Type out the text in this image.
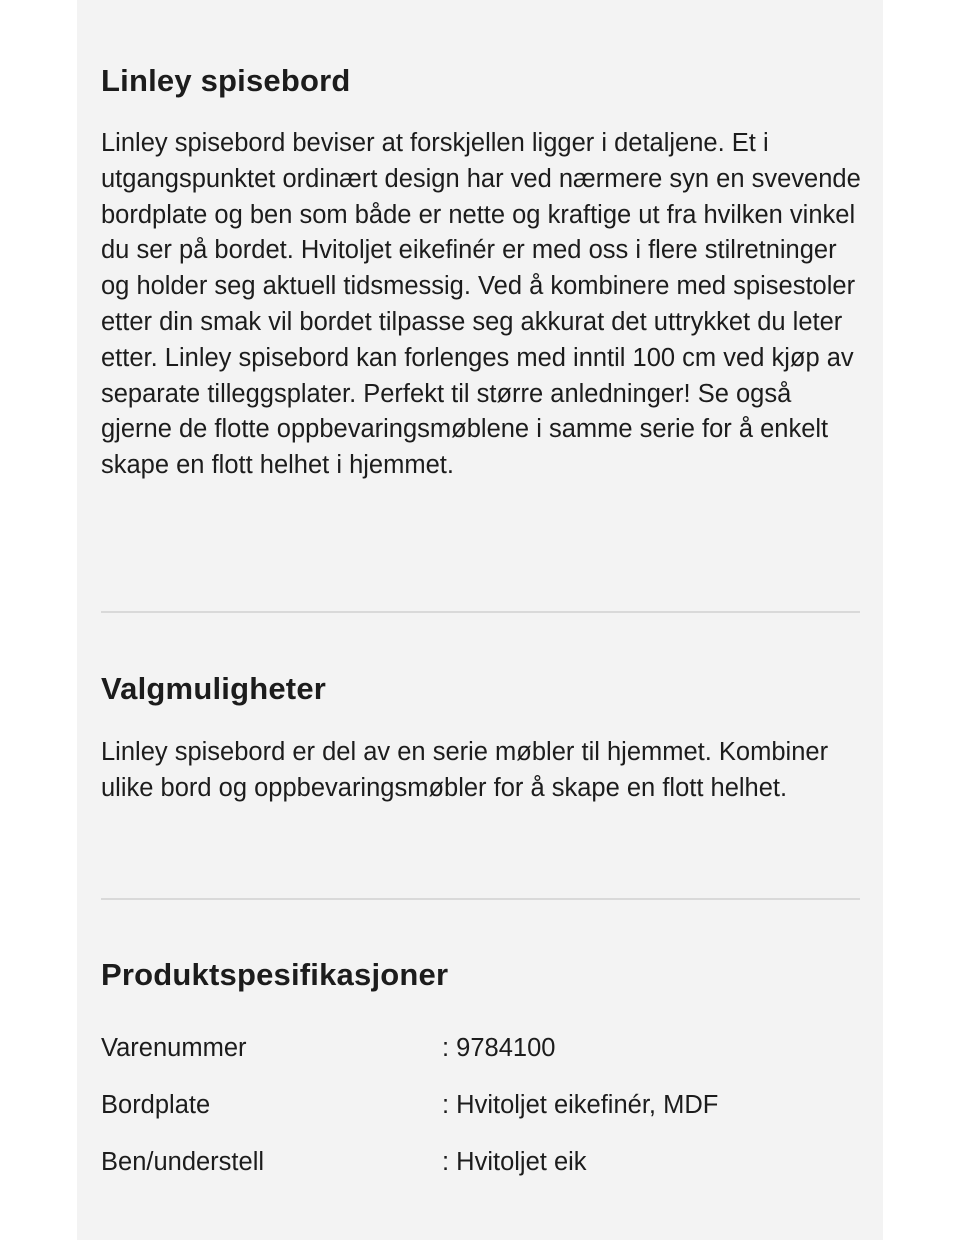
Linley spisebord

Linley spisebord beviser at forskjellen ligger i detaljene. Et i utgangspunktet ordinært design har ved nærmere syn en svevende bordplate og ben som både er nette og kraftige ut fra hvilken vinkel du ser på bordet. Hvitoljet eikefinér er med oss i flere stilretninger og holder seg aktuell tidsmessig. Ved å kombinere med spisestoler etter din smak vil bordet tilpasse seg akkurat det uttrykket du leter etter. Linley spisebord kan forlenges med inntil 100 cm ved kjøp av separate tilleggsplater. Perfekt til større anledninger! Se også gjerne de flotte oppbevaringsmøblene i samme serie for å enkelt skape en flott helhet i hjemmet.

Valgmuligheter

Linley spisebord er del av en serie møbler til hjemmet. Kombiner ulike bord og oppbevaringsmøbler for å skape en flott helhet.

Produktspesifikasjoner
Varenummer	: 9784100
Bordplate	: Hvitoljet eikefinér, MDF
Ben/understell	: Hvitoljet eik
